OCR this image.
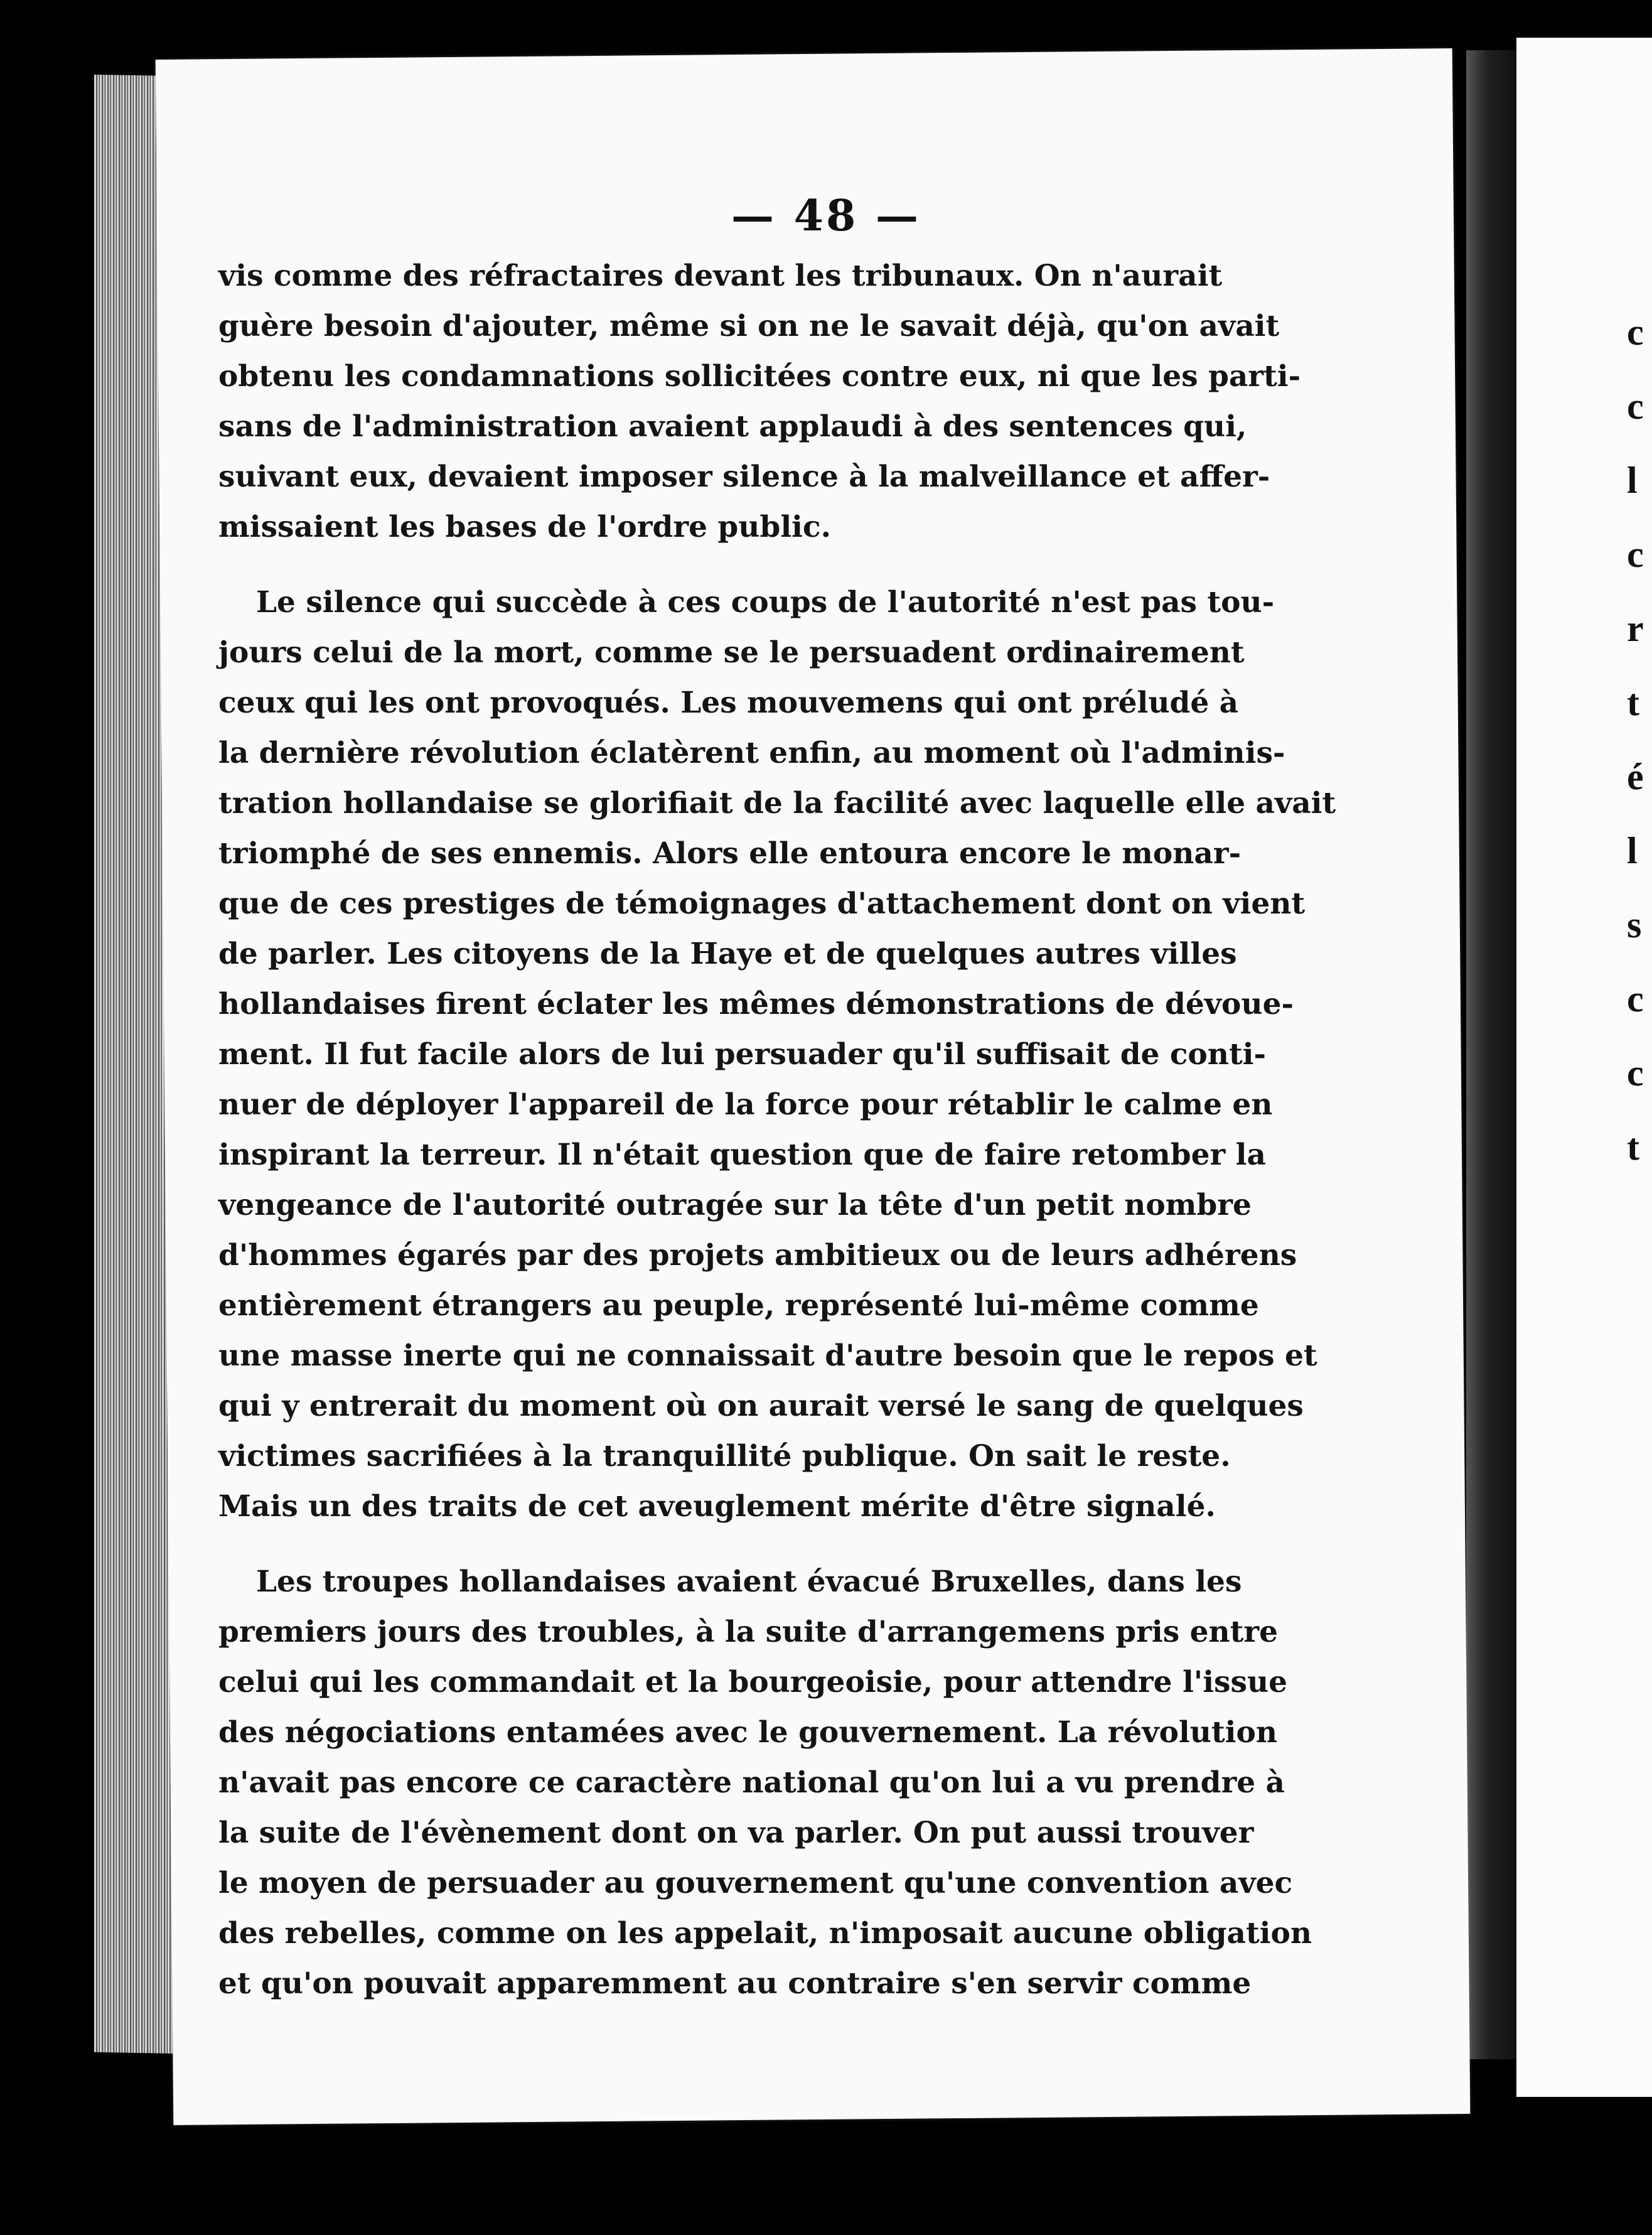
c
c
l
c
r
t
é
l
s
c
c
t
— 48 —
vis comme des réfractaires devant les tribunaux. On n'aurait
guère besoin d'ajouter, même si on ne le savait déjà, qu'on avait
obtenu les condamnations sollicitées contre eux, ni que les parti-
sans de l'administration avaient applaudi à des sentences qui,
suivant eux, devaient imposer silence à la malveillance et affer-
missaient les bases de l'ordre public.
Le silence qui succède à ces coups de l'autorité n'est pas tou-
jours celui de la mort, comme se le persuadent ordinairement
ceux qui les ont provoqués. Les mouvemens qui ont préludé à
la dernière révolution éclatèrent enfin, au moment où l'adminis-
tration hollandaise se glorifiait de la facilité avec laquelle elle avait
triomphé de ses ennemis. Alors elle entoura encore le monar-
que de ces prestiges de témoignages d'attachement dont on vient
de parler. Les citoyens de la Haye et de quelques autres villes
hollandaises firent éclater les mêmes démonstrations de dévoue-
ment. Il fut facile alors de lui persuader qu'il suffisait de conti-
nuer de déployer l'appareil de la force pour rétablir le calme en
inspirant la terreur. Il n'était question que de faire retomber la
vengeance de l'autorité outragée sur la tête d'un petit nombre
d'hommes égarés par des projets ambitieux ou de leurs adhérens
entièrement étrangers au peuple, représenté lui-même comme
une masse inerte qui ne connaissait d'autre besoin que le repos et
qui y entrerait du moment où on aurait versé le sang de quelques
victimes sacrifiées à la tranquillité publique. On sait le reste.
Mais un des traits de cet aveuglement mérite d'être signalé.
Les troupes hollandaises avaient évacué Bruxelles, dans les
premiers jours des troubles, à la suite d'arrangemens pris entre
celui qui les commandait et la bourgeoisie, pour attendre l'issue
des négociations entamées avec le gouvernement. La révolution
n'avait pas encore ce caractère national qu'on lui a vu prendre à
la suite de l'évènement dont on va parler. On put aussi trouver
le moyen de persuader au gouvernement qu'une convention avec
des rebelles, comme on les appelait, n'imposait aucune obligation
et qu'on pouvait apparemment au contraire s'en servir comme
